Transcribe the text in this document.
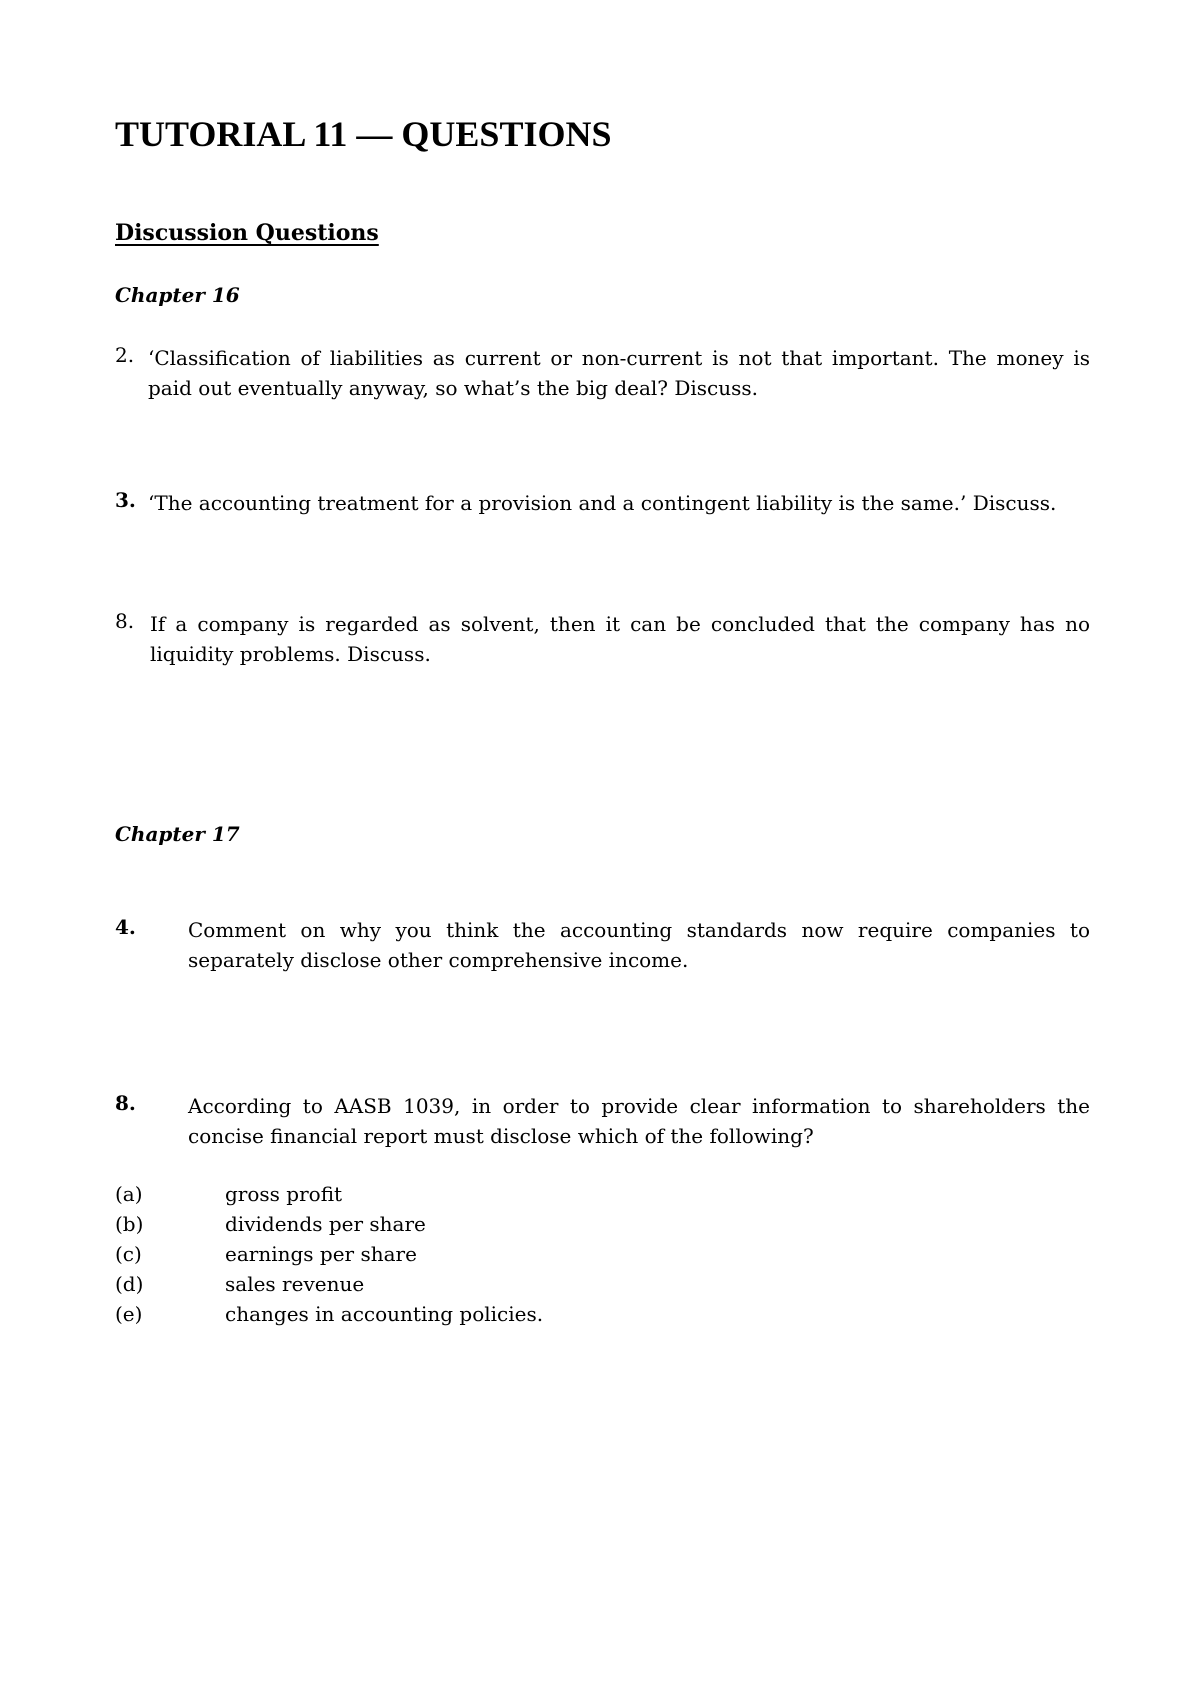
TUTORIAL 11 — QUESTIONS
Discussion Questions
Chapter 16
2. ‘Classification of liabilities as current or non-current is not that important. The money is paid out eventually anyway, so what’s the big deal? Discuss.
3. ‘The accounting treatment for a provision and a contingent liability is the same.’ Discuss.
8. If a company is regarded as solvent, then it can be concluded that the company has no liquidity problems. Discuss.
Chapter 17
4.	Comment on why you think the accounting standards now require companies to separately disclose other comprehensive income.
8.	According to AASB 1039, in order to provide clear information to shareholders the concise financial report must disclose which of the following?
(a)	gross profit
(b)	dividends per share
(c)	earnings per share
(d)	sales revenue
(e)	changes in accounting policies.
